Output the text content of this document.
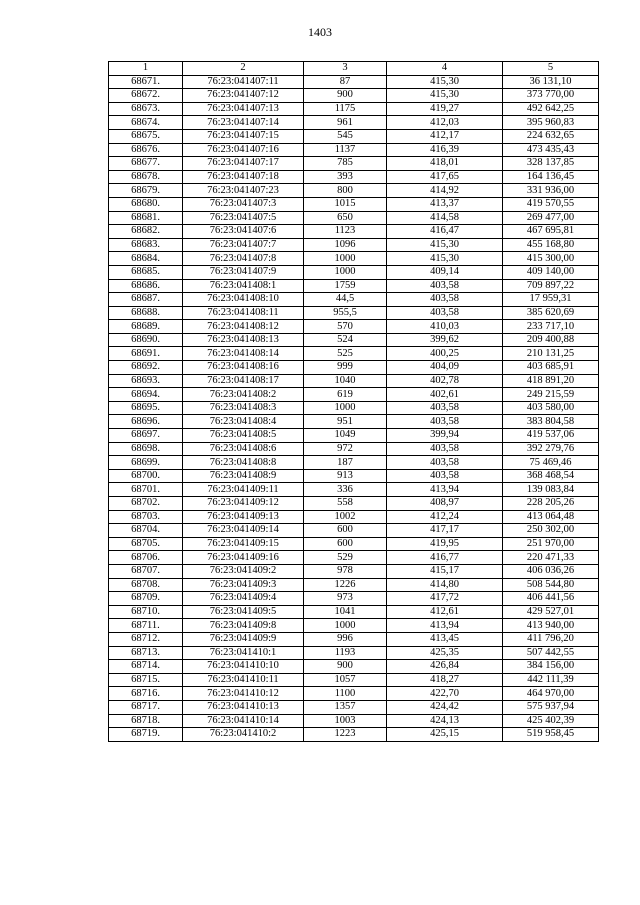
1403
1	2	3	4	5
68671.	76:23:041407:11	87	415,30	36 131,10
68672.	76:23:041407:12	900	415,30	373 770,00
68673.	76:23:041407:13	1175	419,27	492 642,25
68674.	76:23:041407:14	961	412,03	395 960,83
68675.	76:23:041407:15	545	412,17	224 632,65
68676.	76:23:041407:16	1137	416,39	473 435,43
68677.	76:23:041407:17	785	418,01	328 137,85
68678.	76:23:041407:18	393	417,65	164 136,45
68679.	76:23:041407:23	800	414,92	331 936,00
68680.	76:23:041407:3	1015	413,37	419 570,55
68681.	76:23:041407:5	650	414,58	269 477,00
68682.	76:23:041407:6	1123	416,47	467 695,81
68683.	76:23:041407:7	1096	415,30	455 168,80
68684.	76:23:041407:8	1000	415,30	415 300,00
68685.	76:23:041407:9	1000	409,14	409 140,00
68686.	76:23:041408:1	1759	403,58	709 897,22
68687.	76:23:041408:10	44,5	403,58	17 959,31
68688.	76:23:041408:11	955,5	403,58	385 620,69
68689.	76:23:041408:12	570	410,03	233 717,10
68690.	76:23:041408:13	524	399,62	209 400,88
68691.	76:23:041408:14	525	400,25	210 131,25
68692.	76:23:041408:16	999	404,09	403 685,91
68693.	76:23:041408:17	1040	402,78	418 891,20
68694.	76:23:041408:2	619	402,61	249 215,59
68695.	76:23:041408:3	1000	403,58	403 580,00
68696.	76:23:041408:4	951	403,58	383 804,58
68697.	76:23:041408:5	1049	399,94	419 537,06
68698.	76:23:041408:6	972	403,58	392 279,76
68699.	76:23:041408:8	187	403,58	75 469,46
68700.	76:23:041408:9	913	403,58	368 468,54
68701.	76:23:041409:11	336	413,94	139 083,84
68702.	76:23:041409:12	558	408,97	228 205,26
68703.	76:23:041409:13	1002	412,24	413 064,48
68704.	76:23:041409:14	600	417,17	250 302,00
68705.	76:23:041409:15	600	419,95	251 970,00
68706.	76:23:041409:16	529	416,77	220 471,33
68707.	76:23:041409:2	978	415,17	406 036,26
68708.	76:23:041409:3	1226	414,80	508 544,80
68709.	76:23:041409:4	973	417,72	406 441,56
68710.	76:23:041409:5	1041	412,61	429 527,01
68711.	76:23:041409:8	1000	413,94	413 940,00
68712.	76:23:041409:9	996	413,45	411 796,20
68713.	76:23:041410:1	1193	425,35	507 442,55
68714.	76:23:041410:10	900	426,84	384 156,00
68715.	76:23:041410:11	1057	418,27	442 111,39
68716.	76:23:041410:12	1100	422,70	464 970,00
68717.	76:23:041410:13	1357	424,42	575 937,94
68718.	76:23:041410:14	1003	424,13	425 402,39
68719.	76:23:041410:2	1223	425,15	519 958,45
